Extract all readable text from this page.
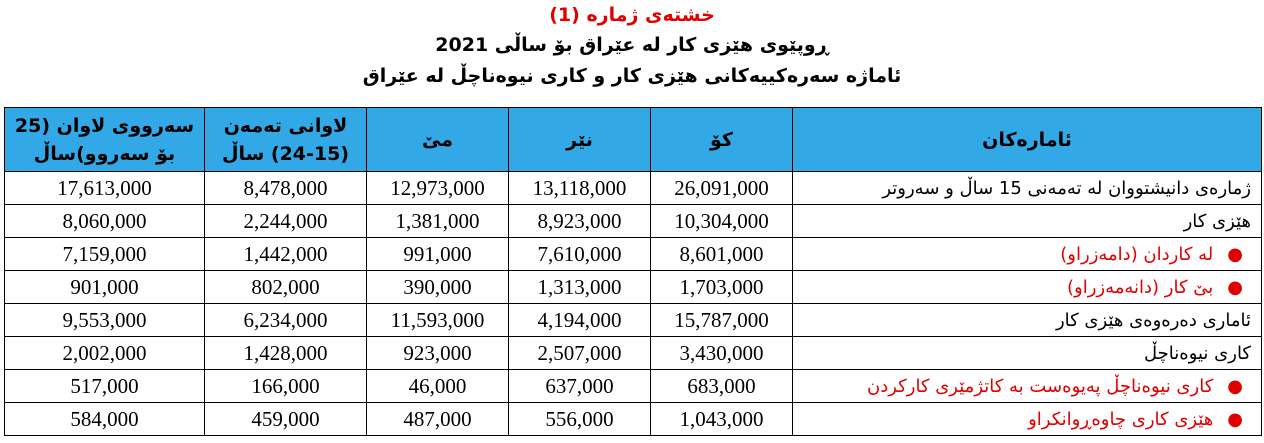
خشتەی ژمارە (1)
ڕوپێوی هێزی کار لە عێراق بۆ ساڵی 2021
ئاماژە سەرەکییەکانی هێزی کار و کاری نیوەناچڵ لە عێراق
سەرووی لاوان (25 بۆ سەروو)ساڵ	لاوانی تەمەن (15-24) ساڵ	مێ	نێر	کۆ	ئامارەکان
17,613,000	8,478,000	12,973,000	13,118,000	26,091,000	ژمارەی دانیشتووان لە تەمەنی 15 ساڵ و سەروتر
8,060,000	2,244,000	1,381,000	8,923,000	10,304,000	هێزی کار
7,159,000	1,442,000	991,000	7,610,000	8,601,000	●لە کاردان (دامەزراو)
901,000	802,000	390,000	1,313,000	1,703,000	●بێ کار (دانەمەزراو)
9,553,000	6,234,000	11,593,000	4,194,000	15,787,000	ئاماری دەرەوەی هێزی کار
2,002,000	1,428,000	923,000	2,507,000	3,430,000	کاری نیوەناچڵ
517,000	166,000	46,000	637,000	683,000	●کاری نیوەناچڵ پەیوەست بە کاتژمێری کارکردن
584,000	459,000	487,000	556,000	1,043,000	●هێزی کاری چاوەڕوانکراو
